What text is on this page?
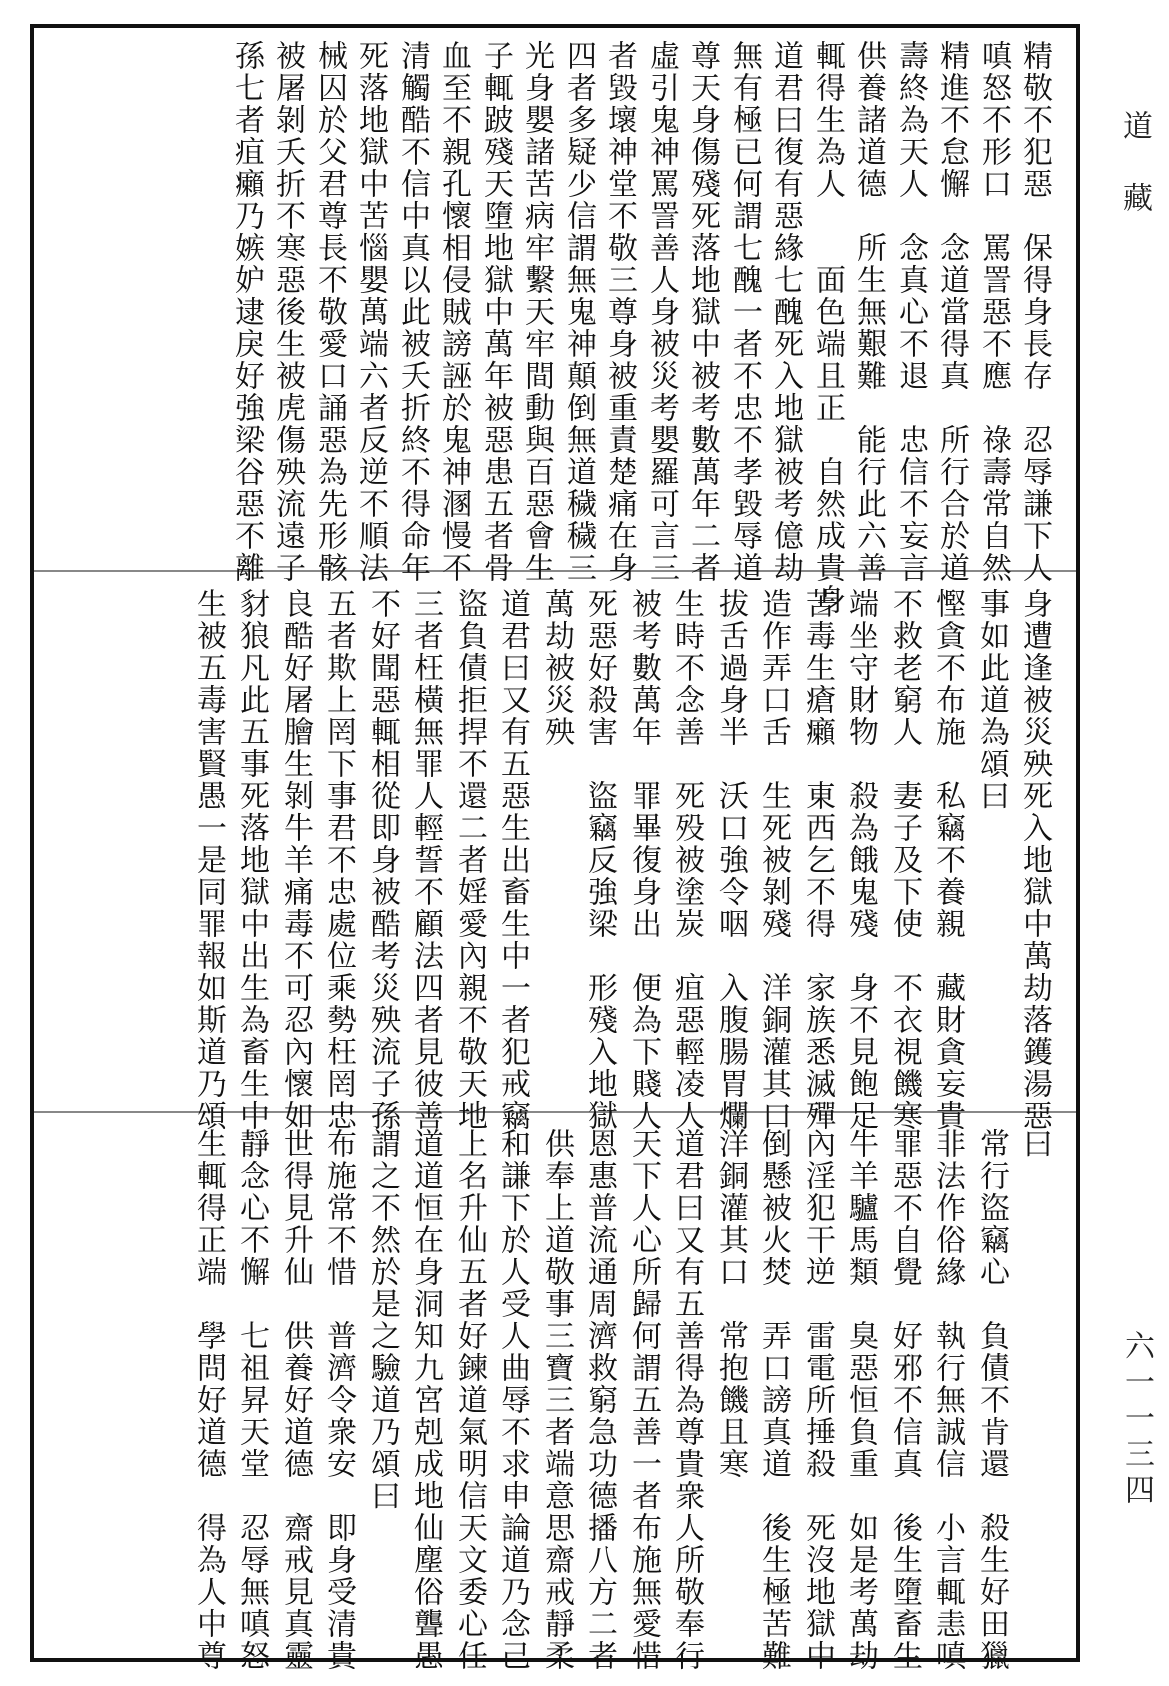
精敬不犯惡　保得身長存　忍辱謙下人
嗔怒不形口　罵詈惡不應　祿壽常自然
精進不怠懈　念道當得真　所行合於道
壽終為天人　念真心不退　忠信不妄言
供養諸道德　所生無艱難　能行此六善
輒得生為人　　面色端且正　自然成貴身
道君曰復有惡緣七醜死入地獄被考億劫
無有極已何謂七醜一者不忠不孝毀辱道
尊天身傷殘死落地獄中被考數萬年二者
虛引鬼神罵詈善人身被災考嬰羅可言三
者毀壞神堂不敬三尊身被重責楚痛在身
四者多疑少信謂無鬼神顛倒無道穢穢三
光身嬰諸苦病牢繫天牢間動與百惡會生
子輒跛殘天墮地獄中萬年被惡患五者骨
血至不親孔懷相侵賊謗誣於鬼神溷慢不
清觸酷不信中真以此被夭折終不得命年
死落地獄中苦惱嬰萬端六者反逆不順法
械囚於父君尊長不敬愛口誦惡為先形骸
被屠剝夭折不寒惡後生被虎傷殃流遠子
孫七者疽癩乃嫉妒逮戾好強梁谷惡不離
身遭逢被災殃死入地獄中萬劫落鑊湯惡
事如此道為頌曰
慳貪不布施　私竊不養親　藏財貪妄貴
不救老窮人　妻子及下使　不衣視饑寒
端坐守財物　殺為餓鬼殘　身不見飽足
苦毒生瘡癩　東西乞不得　家族悉滅殫
造作弄口舌　生死被剝殘　洋銅灌其口
拔舌過身半　沃口強令咽　入腹腸胃爛
生時不念善　死殁被塗炭　疽惡輕凌人
被考數萬年　罪畢復身出　便為下賤人
死惡好殺害　盜竊反強梁　形殘入地獄
萬劫被災殃
道君曰又有五惡生出畜生中一者犯戒竊
盜負債拒捍不還二者婬愛內親不敬天地
三者枉橫無罪人輕誓不顧法四者見彼善
不好聞惡輒相從即身被酷考災殃流子孫
五者欺上罔下事君不忠處位乘勢枉罔忠
良酷好屠膾生剝牛羊痛毒不可忍內懷如
豺狼凡此五事死落地獄中出生為畜生中
生被五毒害賢愚一是同罪報如斯道乃頌
曰
常行盜竊心　負債不肯還　殺生好田獵
非法作俗緣　執行無誠信　小言輒恚嗔
罪惡不自覺　好邪不信真　後生墮畜生
牛羊驢馬類　臭惡恒負重　如是考萬劫
內淫犯干逆　雷電所捶殺　死沒地獄中
倒懸被火焚　弄口謗真道　後生極苦難
洋銅灌其口　常抱饑且寒
道君曰又有五善得為尊貴衆人所敬奉行
天下人心所歸何謂五善一者布施無愛惜
恩惠普流通周濟救窮急功德播八方二者
供奉上道敬事三寶三者端意思齋戒靜柔
和謙下於人受人曲辱不求申論道乃念己
上名升仙五者好鍊道氣明信天文委心任
道道恒在身洞知九宮剋成地仙塵俗聾愚
謂之不然於是之驗道乃頌曰
布施常不惜　普濟令衆安　即身受清貴
世得見升仙　供養好道德　齋戒見真靈
靜念心不懈　七祖昇天堂　忍辱無嗔怒
生輒得正端　學問好道德　得為人中尊
道藏
六一一三四
